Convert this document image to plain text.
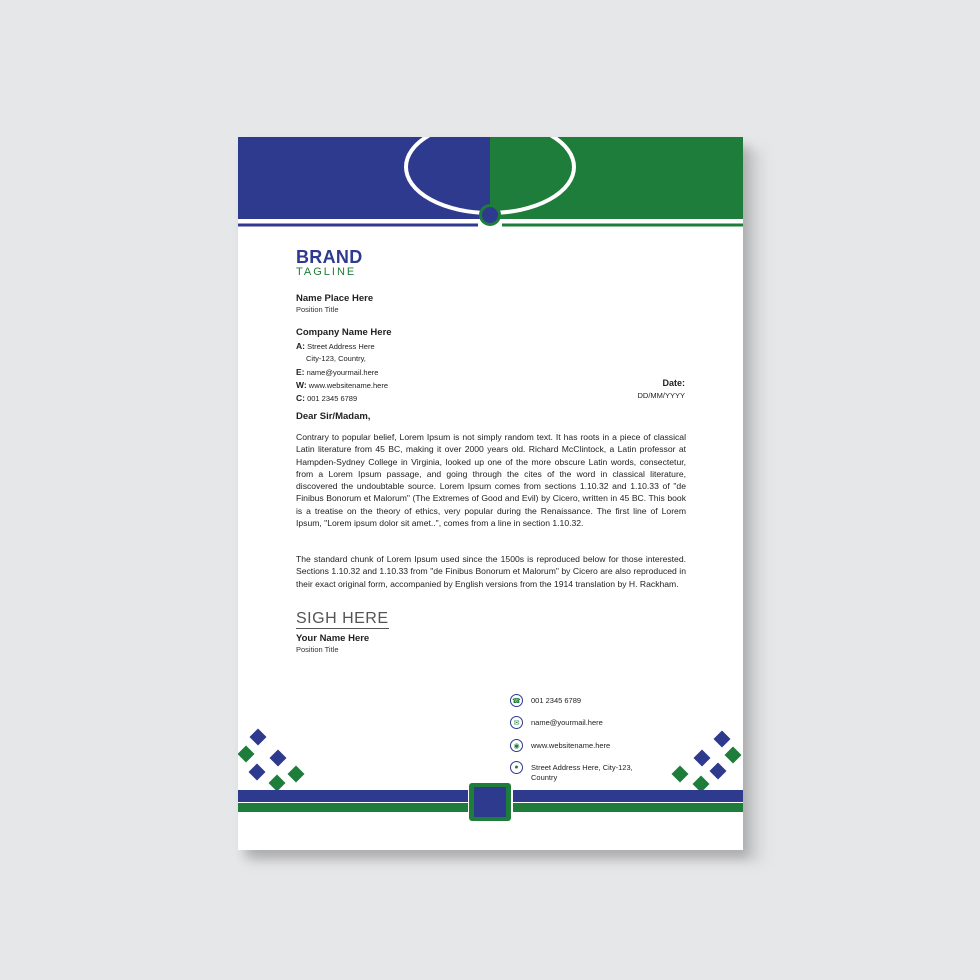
BRAND
TAGLINE
Name Place Here
Position Title
Company Name Here
A: Street Address Here
City-123, Country,
E: name@yourmail.here
W: www.websitename.here
C: 001 2345 6789
Date:
DD/MM/YYYY
Dear Sir/Madam,
Contrary to popular belief, Lorem Ipsum is not simply random text. It has roots in a piece of classical Latin literature from 45 BC, making it over 2000 years old. Richard McClintock, a Latin professor at Hampden-Sydney College in Virginia, looked up one of the more obscure Latin words, consectetur, from a Lorem Ipsum passage, and going through the cites of the word in classical literature, discovered the undoubtable source. Lorem Ipsum comes from sections 1.10.32 and 1.10.33 of "de Finibus Bonorum et Malorum" (The Extremes of Good and Evil) by Cicero, written in 45 BC. This book is a treatise on the theory of ethics, very popular during the Renaissance. The first line of Lorem Ipsum, "Lorem ipsum dolor sit amet..", comes from a line in section 1.10.32.
The standard chunk of Lorem Ipsum used since the 1500s is reproduced below for those interested. Sections 1.10.32 and 1.10.33 from "de Finibus Bonorum et Malorum" by Cicero are also reproduced in their exact original form, accompanied by English versions from the 1914 translation by H. Rackham.
SIGH HERE
Your Name Here
Position Title
☎ 001 2345 6789
✉	name@yourmail.here
◉	www.websitename.here
●	Street Address Here, City-123, Country
